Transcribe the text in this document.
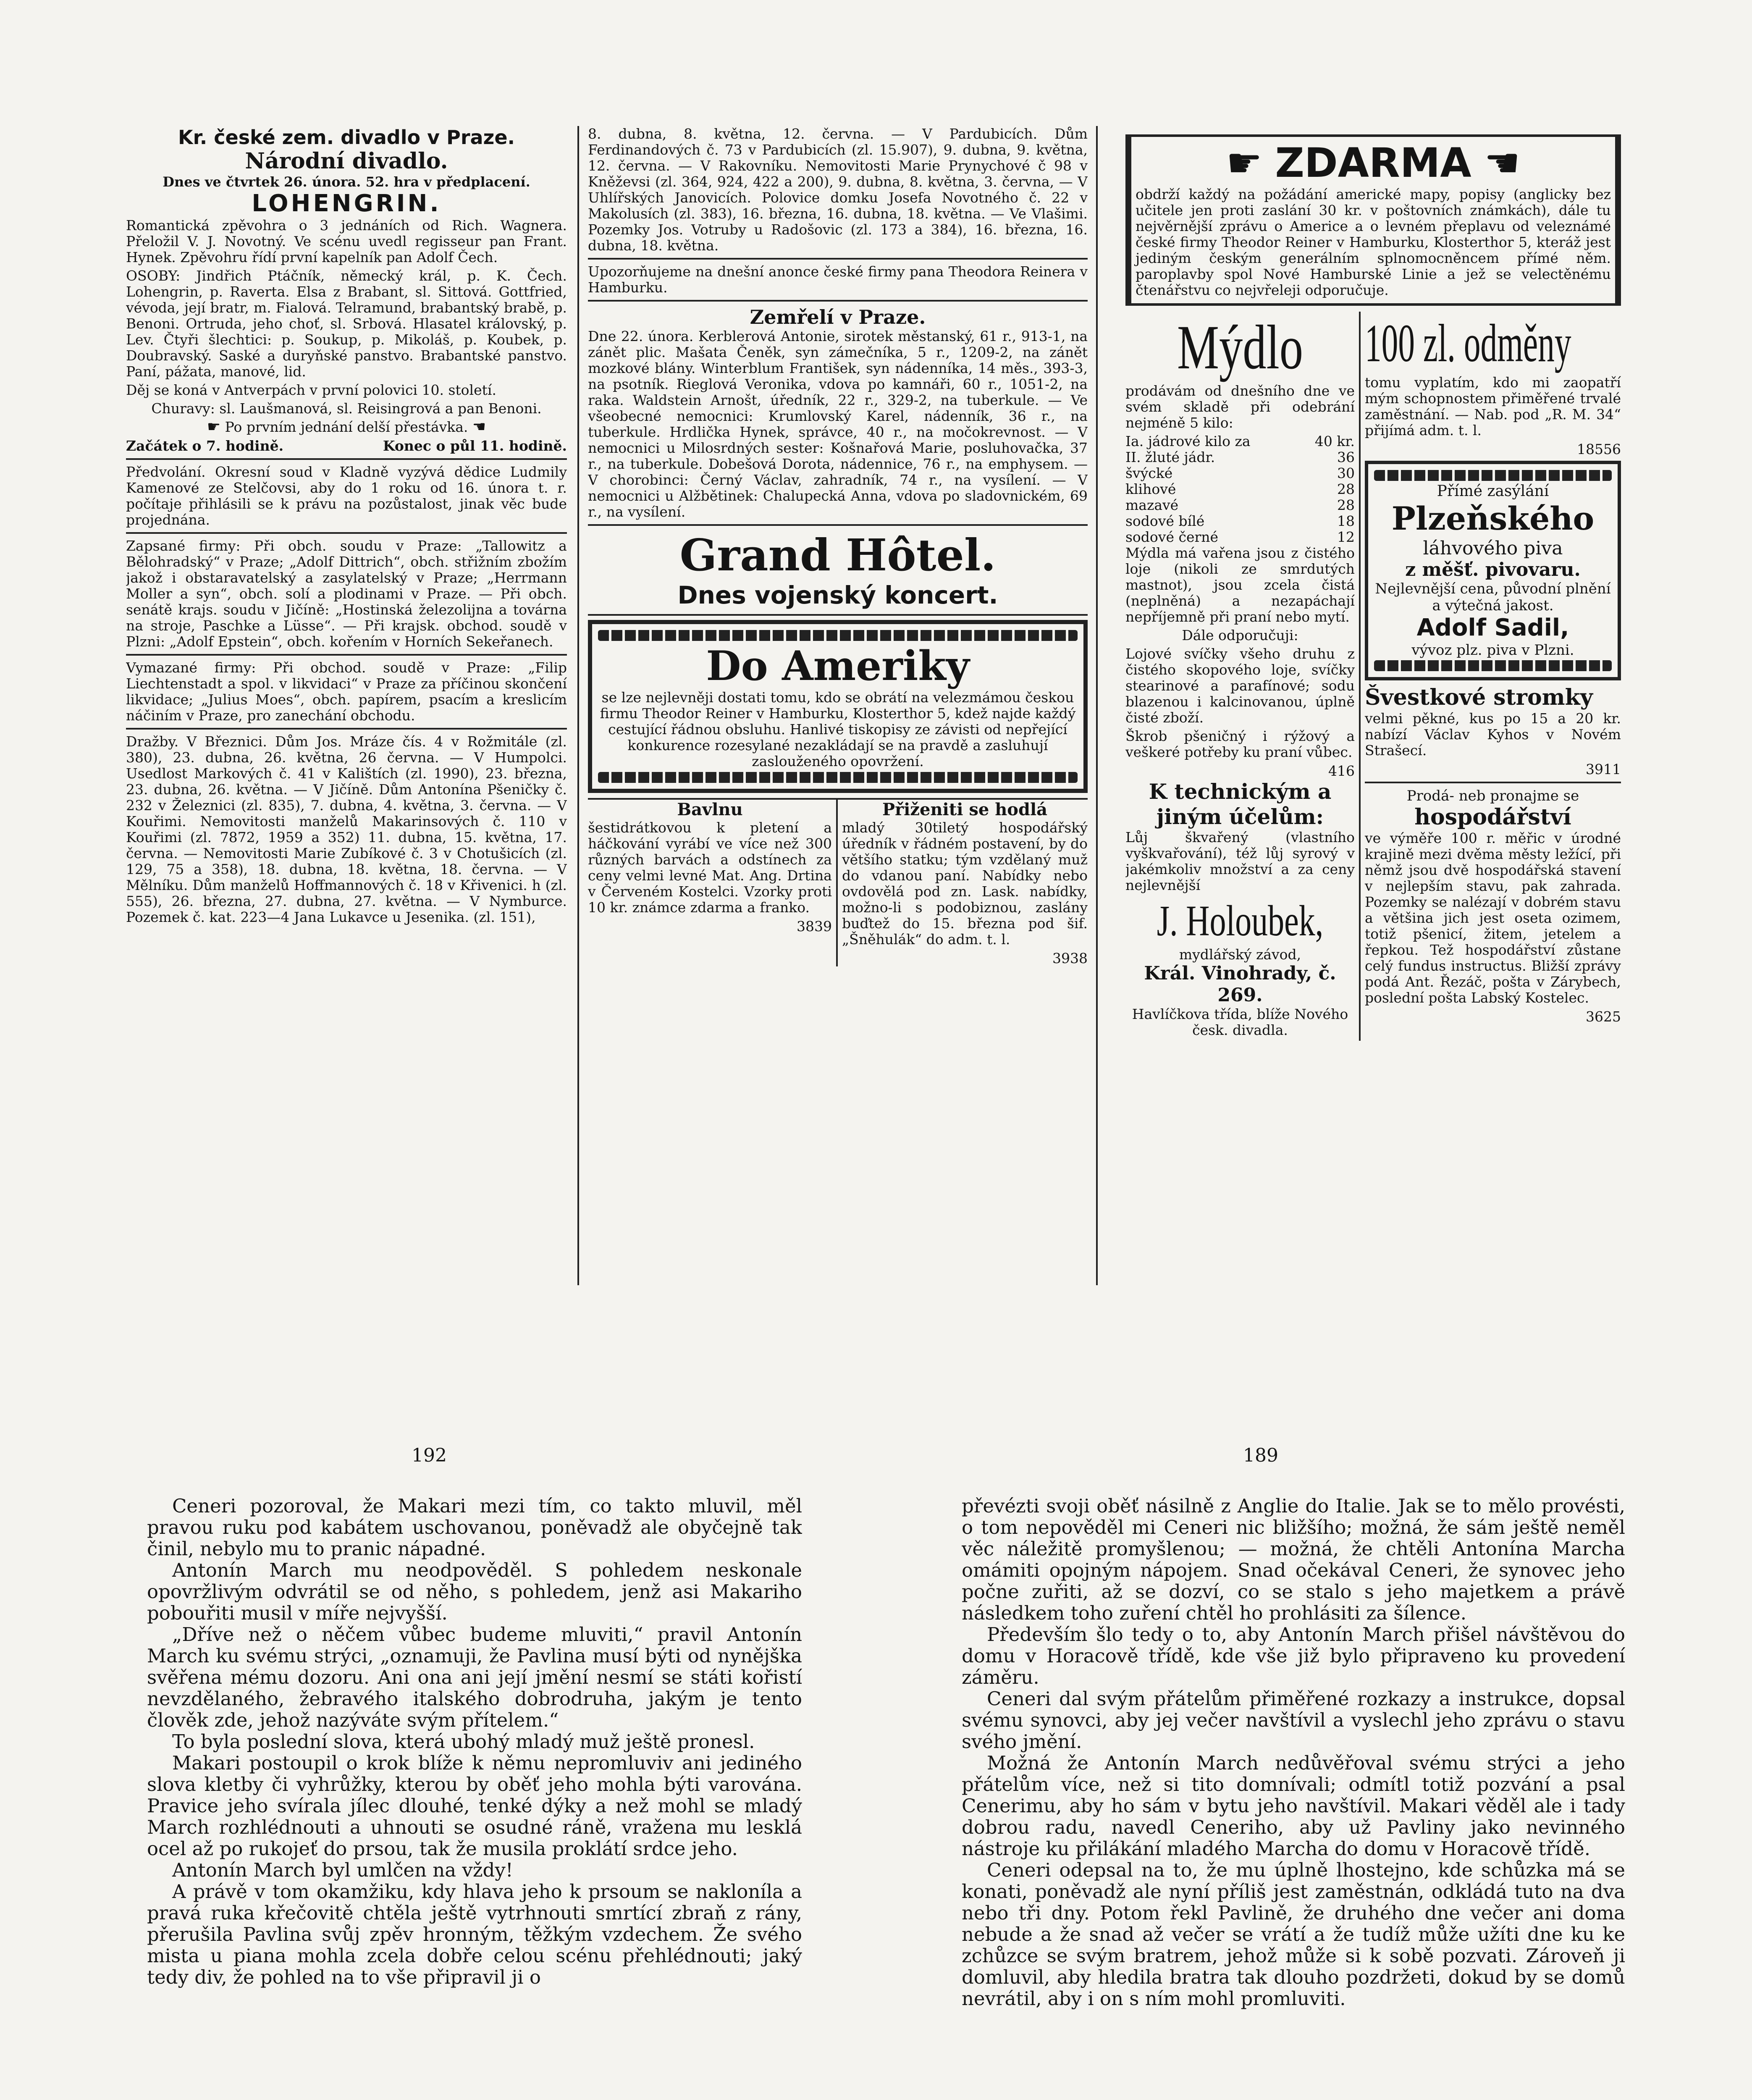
Kr. české zem. divadlo v Praze.
Národní divadlo.
Dnes ve čtvrtek 26. února. 52. hra v předplacení.
LOHENGRIN.

Romantická zpěvohra o 3 jednáních od Rich. Wagnera. Přeložil V. J. Novotný. Ve scénu uvedl regisseur pan Frant. Hynek. Zpěvohru řídí první kapelník pan Adolf Čech.

OSOBY: Jindřich Ptáčník, německý král, p. K. Čech. Lohengrin, p. Raverta. Elsa z Brabant, sl. Sittová. Gottfried, vévoda, její bratr, m. Fialová. Telramund, brabantský brabě, p. Benoni. Ortruda, jeho choť, sl. Srbová. Hlasatel královský, p. Lev. Čtyři šlechtici: p. Soukup, p. Mikoláš, p. Koubek, p. Doubravský. Saské a duryňské panstvo. Brabantské panstvo. Paní, pážata, manové, lid.

Děj se koná v Antverpách v první polovici 10. století.

Churavy: sl. Laušmanová, sl. Reisingrová a pan Benoni.

☛ Po prvním jednání delší přestávka. ☚

Začátek o 7. hodině.	Konec o půl 11. hodině.

Předvolání. Okresní soud v Kladně vyzývá dědice Ludmily Kamenové ze Stelčovsi, aby do 1 roku od 16. února t. r. počítaje přihlásili se k právu na pozůstalost, jinak věc bude projednána.

Zapsané firmy: Při obch. soudu v Praze: „Tallowitz a Bělohradský“ v Praze; „Adolf Dittrich“, obch. střižním zbožím jakož i obstaravatelský a zasylatelský v Praze; „Herrmann Moller a syn“, obch. solí a plodinami v Praze. — Při obch. senátě krajs. soudu v Jičíně: „Hostinská železolijna a továrna na stroje, Paschke a Lüsse“. — Při krajsk. obchod. soudě v Plzni: „Adolf Epstein“, obch. kořením v Horních Sekeřanech.

Vymazané firmy: Při obchod. soudě v Praze: „Filip Liechtenstadt a spol. v likvidaci“ v Praze za příčinou skončení likvidace; „Julius Moes“, obch. papírem, psacím a kreslicím náčiním v Praze, pro zanechání obchodu.

Dražby. V Březnici. Dům Jos. Mráze čís. 4 v Rožmitále (zl. 380), 23. dubna, 26. května, 26 června. — V Humpolci. Usedlost Markových č. 41 v Kalištích (zl. 1990), 23. března, 23. dubna, 26. května. — V Jičíně. Dům Antonína Pšeničky č. 232 v Železnici (zl. 835), 7. dubna, 4. května, 3. června. — V Kouřimi. Nemovitosti manželů Makarinsových č. 110 v Kouřimi (zl. 7872, 1959 a 352) 11. dubna, 15. května, 17. června. — Nemovitosti Marie Zubíkové č. 3 v Chotušicích (zl. 129, 75 a 358), 18. dubna, 18. května, 18. června. — V Mělníku. Dům manželů Hoffmannových č. 18 v Křivenici. h (zl. 555), 26. března, 27. dubna, 27. května. — V Nymburce. Pozemek č. kat. 223—4 Jana Lukavce u Jesenika. (zl. 151),

8. dubna, 8. května, 12. června. — V Pardubicích. Dům Ferdinandových č. 73 v Pardubicích (zl. 15.907), 9. dubna, 9. května, 12. června. — V Rakovníku. Nemovitosti Marie Prynychové č 98 v Kněževsi (zl. 364, 924, 422 a 200), 9. dubna, 8. května, 3. června, — V Uhlířských Janovicích. Polovice domku Josefa Novotného č. 22 v Makolusích (zl. 383), 16. března, 16. dubna, 18. května. — Ve Vlašimi. Pozemky Jos. Votruby u Radošovic (zl. 173 a 384), 16. března, 16. dubna, 18. května.

Upozorňujeme na dnešní anonce české firmy pana Theodora Reinera v Hamburku.

Zemřelí v Praze.

Dne 22. února. Kerblerová Antonie, sirotek městanský, 61 r., 913-1, na zánět plic. Mašata Čeněk, syn zámečníka, 5 r., 1209-2, na zánět mozkové blány. Winterblum František, syn nádenníka, 14 měs., 393-3, na psotník. Rieglová Veronika, vdova po kamnáři, 60 r., 1051-2, na raka. Waldstein Arnošt, úředník, 22 r., 329-2, na tuberkule. — Ve všeobecné nemocnici: Krumlovský Karel, nádenník, 36 r., na tuberkule. Hrdlička Hynek, správce, 40 r., na močokrevnost. — V nemocnici u Milosrdných sester: Košnařová Marie, posluhovačka, 37 r., na tuberkule. Dobešová Dorota, nádennice, 76 r., na emphysem. — V chorobinci: Černý Václav, zahradník, 74 r., na vysílení. — V nemocnici u Alžbětinek: Chalupecká Anna, vdova po sladovnickém, 69 r., na vysílení.

Grand Hôtel.
Dnes vojenský koncert.
Do Ameriky

se lze nejlevněji dostati tomu, kdo se obrátí na velezmámou českou firmu Theodor Reiner v Hamburku, Klosterthor 5, kdež najde každý cestující řádnou obsluhu. Hanlivé tiskopisy ze závisti od nepřející konkurence rozesylané nezakládají se na pravdě a zasluhují zaslouženého opovržení.

Bavlnu

šestidrátkovou k pletení a háčkování vyrábí ve více než 300 různých barvách a odstínech za ceny velmi levné Mat. Ang. Drtina v Červeném Kostelci. Vzorky proti 10 kr. známce zdarma a franko.

3839
Přiženiti se hodlá

mladý 30tiletý hospodářský úředník v řádném postavení, by do většího statku; tým vzdělaný muž do vdanou paní. Nabídky nebo ovdovělá pod zn. Lask. nabídky, možno-li s podobiznou, zaslány buďtež do 15. března pod šif. „Šněhulák“ do adm. t. l.

3938
☛ ZDARMA ☚

obdrží každý na požádání americké mapy, popisy (anglicky bez učitele jen proti zaslání 30 kr. v poštovních známkách), dále tu nejvěrnější zprávu o Americe a o levném přeplavu od veleznámé české firmy Theodor Reiner v Hamburku, Klosterthor 5, kteráž jest jediným českým generálním splnomocněncem přímé něm. paroplavby spol Nové Hamburské Linie a jež se velectěnému čtenářstvu co nejvřeleji odporučuje.

Mýdlo

prodávám od dnešního dne ve svém skladě při odebrání nejméně 5 kilo:

Ia. jádrové kilo za	40 kr.
II. žluté jádr.	36
švýcké	30
klihové	28
mazavé	28
sodové bílé	18
sodové černé	12

Mýdla má vařena jsou z čistého loje (nikoli ze smrdutých mastnot), jsou zcela čistá (neplněná) a nezapáchají nepříjemně při praní nebo mytí.

Dále odporučuji:

Lojové svíčky všeho druhu z čistého skopového loje, svíčky stearinové a parafínové; sodu blazenou i kalcinovanou, úplně čisté zboží.

Škrob pšeničný i rýžový a veškeré potřeby ku praní vůbec.

416
K technickým a jiným účelům:

Lůj škvařený (vlastního vyškvařování), též lůj syrový v jakémkoliv množství a za ceny nejlevnější

J. Holoubek,
mydlářský závod,
Král. Vinohrady, č. 269.

Havlíčkova třída, blíže Nového česk. divadla.

100 zl. odměny

tomu vyplatím, kdo mi zaopatří mým schopnostem přiměřené trvalé zaměstnání. — Nab. pod „R. M. 34“ přijímá adm. t. l.

18556
Přímé zasýlání
Plzeňského
láhvového piva
z měšť. pivovaru.
Nejlevnější cena, původní plnění a výtečná jakost.
Adolf Sadil,
vývoz plz. piva v Plzni.
Švestkové stromky

velmi pěkné, kus po 15 a 20 kr. nabízí Václav Kyhos v Novém Strašecí.

3911
Prodá- neb pronajme se
hospodářství

ve výměře 100 r. měřic v úrodné krajině mezi dvěma městy ležící, při němž jsou dvě hospodářská stavení v nejlepším stavu, pak zahrada. Pozemky se nalézají v dobrém stavu a většina jich jest oseta ozimem, totiž pšenicí, žitem, jetelem a řepkou. Tež hospodářství zůstane celý fundus instructus. Bližší zprávy podá Ant. Řezáč, pošta v Zárybech, poslední pošta Labský Kostelec.

3625
192	189

Ceneri pozoroval, že Makari mezi tím, co takto mluvil, měl pravou ruku pod kabátem uschovanou, poněvadž ale obyčejně tak činil, nebylo mu to pranic nápadné.

Antonín March mu neodpověděl. S pohledem neskonale opovržlivým odvrátil se od něho, s pohledem, jenž asi Makariho pobouřiti musil v míře nejvyšší.

„Dříve než o něčem vůbec budeme mluviti,“ pravil Antonín March ku svému strýci, „oznamuji, že Pavlina musí býti od nynějška svěřena mému dozoru. Ani ona ani její jmění nesmí se státi kořistí nevzdělaného, žebravého italského dobrodruha, jakým je tento člověk zde, jehož nazýváte svým přítelem.“

To byla poslední slova, která ubohý mladý muž ještě pronesl.

Makari postoupil o krok blíže k němu nepromluviv ani jediného slova kletby či vyhrůžky, kterou by oběť jeho mohla býti varována. Pravice jeho svírala jílec dlouhé, tenké dýky a než mohl se mladý March rozhlédnouti a uhnouti se osudné ráně, vražena mu lesklá ocel až po rukojeť do prsou, tak že musila proklátí srdce jeho.

Antonín March byl umlčen na vždy!

A právě v tom okamžiku, kdy hlava jeho k prsoum se nakloníla a pravá ruka křečovitě chtěla ještě vytrhnouti smrtící zbraň z rány, přerušila Pavlina svůj zpěv hronným, těžkým vzdechem. Že svého mista u piana mohla zcela dobře celou scénu přehlédnouti; jaký tedy div, že pohled na to vše připravil ji o

převézti svoji oběť násilně z Anglie do Italie. Jak se to mělo provésti, o tom nepověděl mi Ceneri nic bližšího; možná, že sám ještě neměl věc náležitě promyšlenou; — možná, že chtěli Antonína Marcha omámiti opojným nápojem. Snad očekával Ceneri, že synovec jeho počne zuřiti, až se dozví, co se stalo s jeho majetkem a právě následkem toho zuření chtěl ho prohlásiti za šílence.

Především šlo tedy o to, aby Antonín March přišel návštěvou do domu v Horacově třídě, kde vše již bylo připraveno ku provedení záměru.

Ceneri dal svým přátelům přiměřené rozkazy a instrukce, dopsal svému synovci, aby jej večer navštívil a vyslechl jeho zprávu o stavu svého jmění.

Možná že Antonín March nedůvěřoval svému strýci a jeho přátelům více, než si tito domnívali; odmítl totiž pozvání a psal Cenerimu, aby ho sám v bytu jeho navštívil. Makari věděl ale i tady dobrou radu, navedl Ceneriho, aby už Pavliny jako nevinného nástroje ku přilákání mladého Marcha do domu v Horacově třídě.

Ceneri odepsal na to, že mu úplně lhostejno, kde schůzka má se konati, poněvadž ale nyní příliš jest zaměstnán, odkládá tuto na dva nebo tři dny. Potom řekl Pavlině, že druhého dne večer ani doma nebude a že snad až večer se vrátí a že tudíž může užíti dne ku ke zchůzce se svým bratrem, jehož může si k sobě pozvati. Zároveň ji domluvil, aby hledila bratra tak dlouho pozdržeti, dokud by se domů nevrátil, aby i on s ním mohl promluviti.
